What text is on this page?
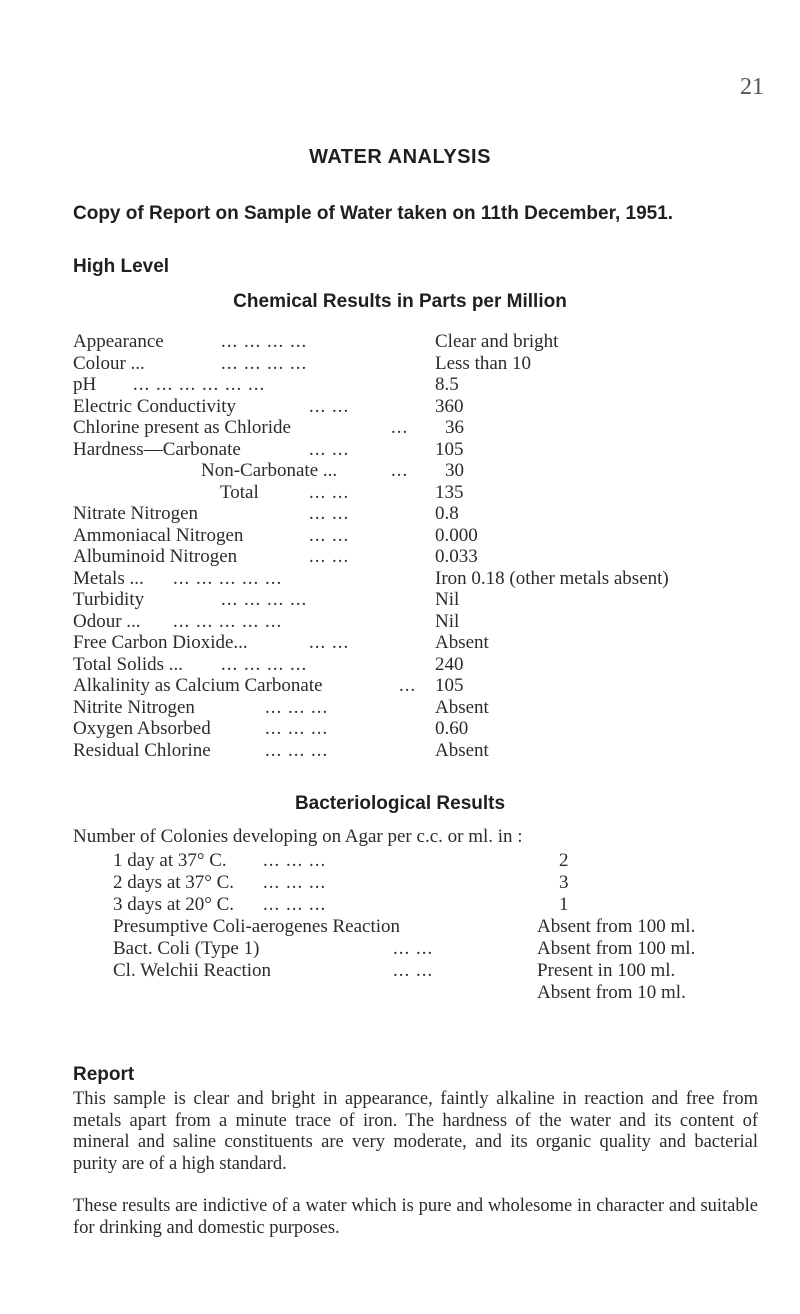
21
WATER ANALYSIS
Copy of Report on Sample of Water taken on 11th December, 1951.
High Level
Chemical Results in Parts per Million
Appearance	... ... ... ...	Clear and bright
Colour ...	... ... ... ...	Less than 10
pH ... ... ... ... ... ...	8.5
Electric Conductivity	... ...	360
Chlorine present as Chloride	... 36
Hardness—Carbonate	... ...	105
Non-Carbonate ...	... 30
Total	... ...	135
Nitrate Nitrogen	... ...	0.8
Ammoniacal Nitrogen	... ...	0.000
Albuminoid Nitrogen	... ...	0.033
Metals ... ... ... ... ... ...	Iron 0.18 (other metals absent)
Turbidity	... ... ... ...	Nil
Odour ... ... ... ... ... ...	Nil
Free Carbon Dioxide...	... ...	Absent
Total Solids ... ... ... ... ...	240
Alkalinity as Calcium Carbonate	... 105
Nitrite Nitrogen	... ... ...	Absent
Oxygen Absorbed	... ... ...	0.60
Residual Chlorine	... ... ...	Absent
Bacteriological Results
Number of Colonies developing on Agar per c.c. or ml. in :
1 day at 37° C. ... ... ...	2
2 days at 37° C. ... ... ...	3
3 days at 20° C. ... ... ...	1
Presumptive Coli-aerogenes Reaction	Absent from 100 ml.
Bact. Coli (Type 1)	... ...	Absent from 100 ml.
Cl. Welchii Reaction	... ...	Present in 100 ml.
Absent from 10 ml.
Report
This sample is clear and bright in appearance, faintly alkaline in reaction and free from metals apart from a minute trace of iron. The hardness of the water and its content of mineral and saline constituents are very moderate, and its organic quality and bacterial purity are of a high standard.
These results are indictive of a water which is pure and wholesome in character and suitable for drinking and domestic purposes.
